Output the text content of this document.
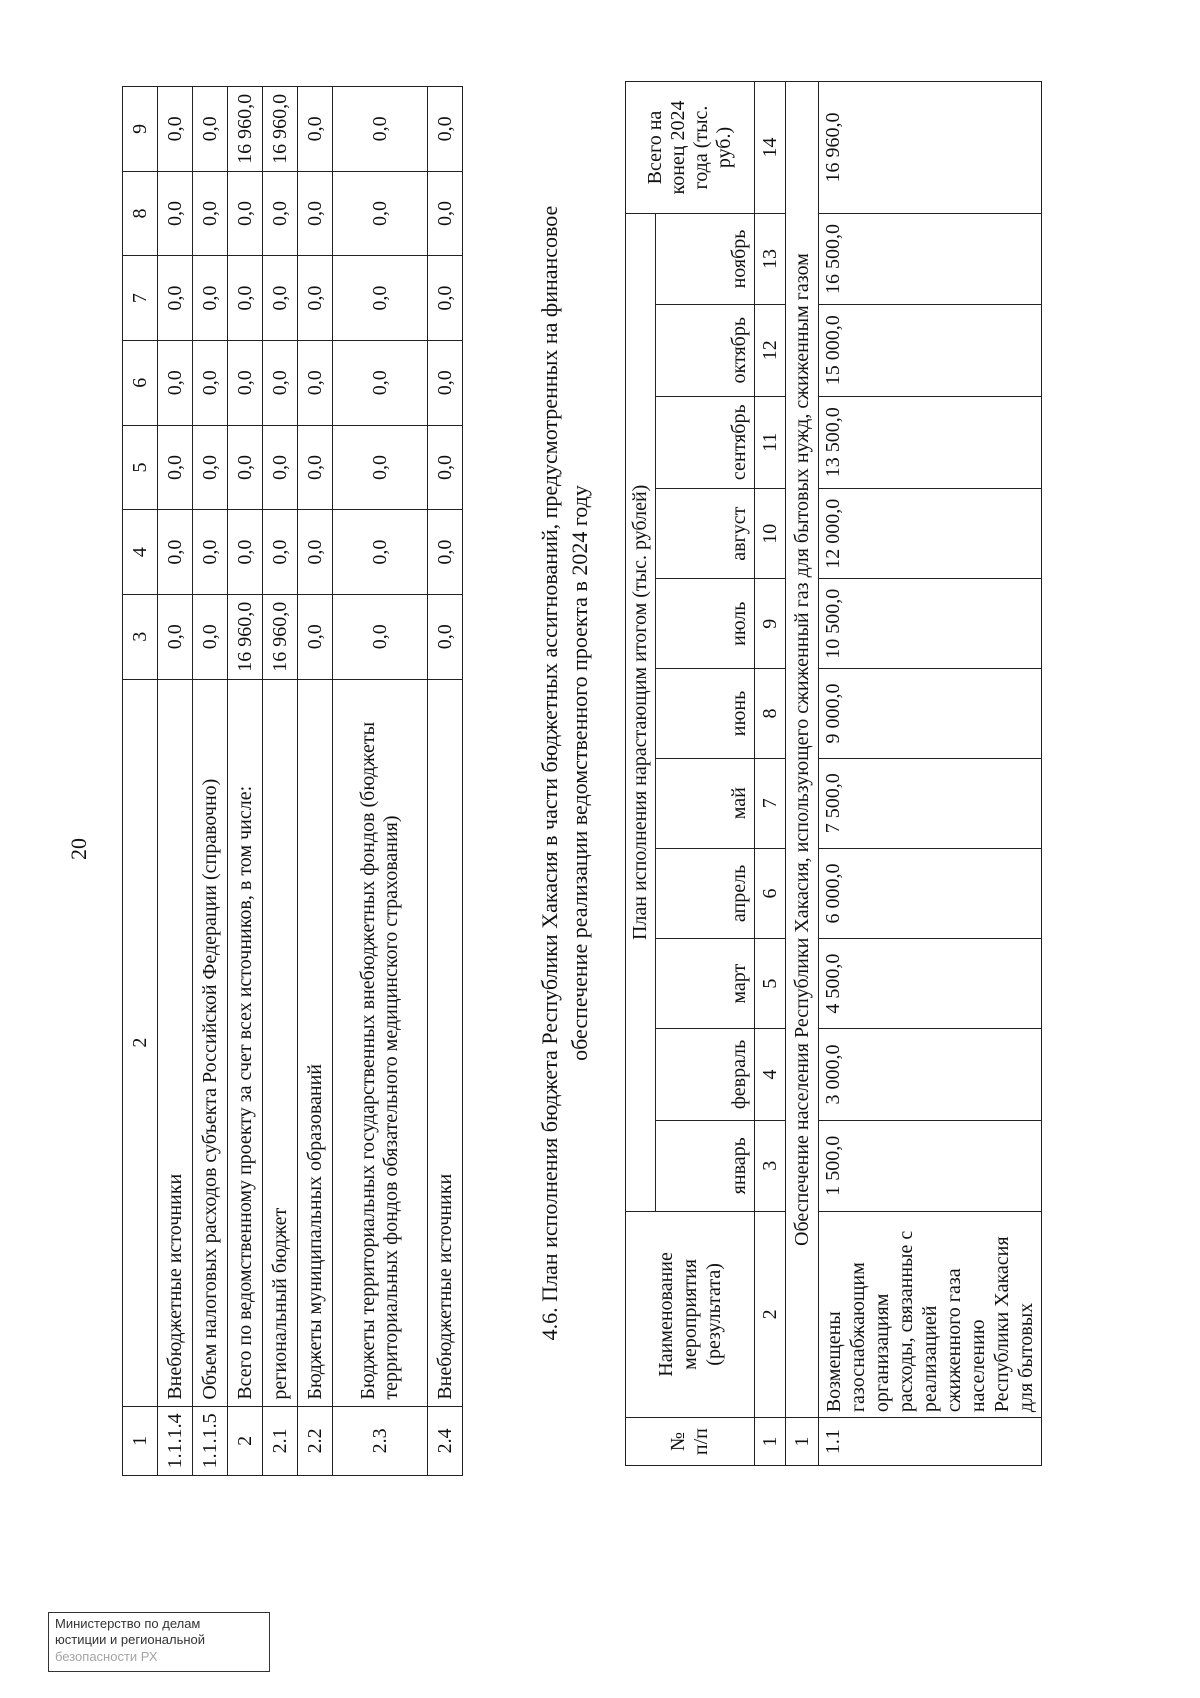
20
1	2	3	4	5	6	7	8	9
1.1.1.4	Внебюджетные источники	0,0	0,0	0,0	0,0	0,0	0,0	0,0
1.1.1.5	Объем налоговых расходов субъекта Российской Федерации (справочно)	0,0	0,0	0,0	0,0	0,0	0,0	0,0
2	Всего по ведомственному проекту за счет всех источников, в том числе:	16 960,0	0,0	0,0	0,0	0,0	0,0	16 960,0
2.1	региональный бюджет	16 960,0	0,0	0,0	0,0	0,0	0,0	16 960,0
2.2	Бюджеты муниципальных образований	0,0	0,0	0,0	0,0	0,0	0,0	0,0
2.3	Бюджеты территориальных государственных внебюджетных фондов (бюджеты территориальных фондов обязательного медицинского страхования)	0,0	0,0	0,0	0,0	0,0	0,0	0,0
2.4	Внебюджетные источники	0,0	0,0	0,0	0,0	0,0	0,0	0,0
4.6. План исполнения бюджета Республики Хакасия в части бюджетных ассигнований, предусмотренных на финансовое обеспечение реализации ведомственного проекта в 2024 году
№ п/п	Наименование мероприятия (результата)	План исполнения нарастающим итогом (тыс. рублей)											Всего на конец 2024 года (тыс. руб.)
		январь	февраль	март	апрель	май	июнь	июль	август	сентябрь	октябрь	ноябрь	
1	2	3	4	5	6	7	8	9	10	11	12	13	14
1	Обеспечение населения Республики Хакасия, использующего сжиженный газ для бытовых нужд, сжиженным газом												
1.1	Возмещены газоснабжающим организациям расходы, связанные с реализацией сжиженного газа населению Республики Хакасия для бытовых	1 500,0	3 000,0	4 500,0	6 000,0	7 500,0	9 000,0	10 500,0	12 000,0	13 500,0	15 000,0	16 500,0	16 960,0
Министерство по делам
юстиции и региональной
безопасности РХ
